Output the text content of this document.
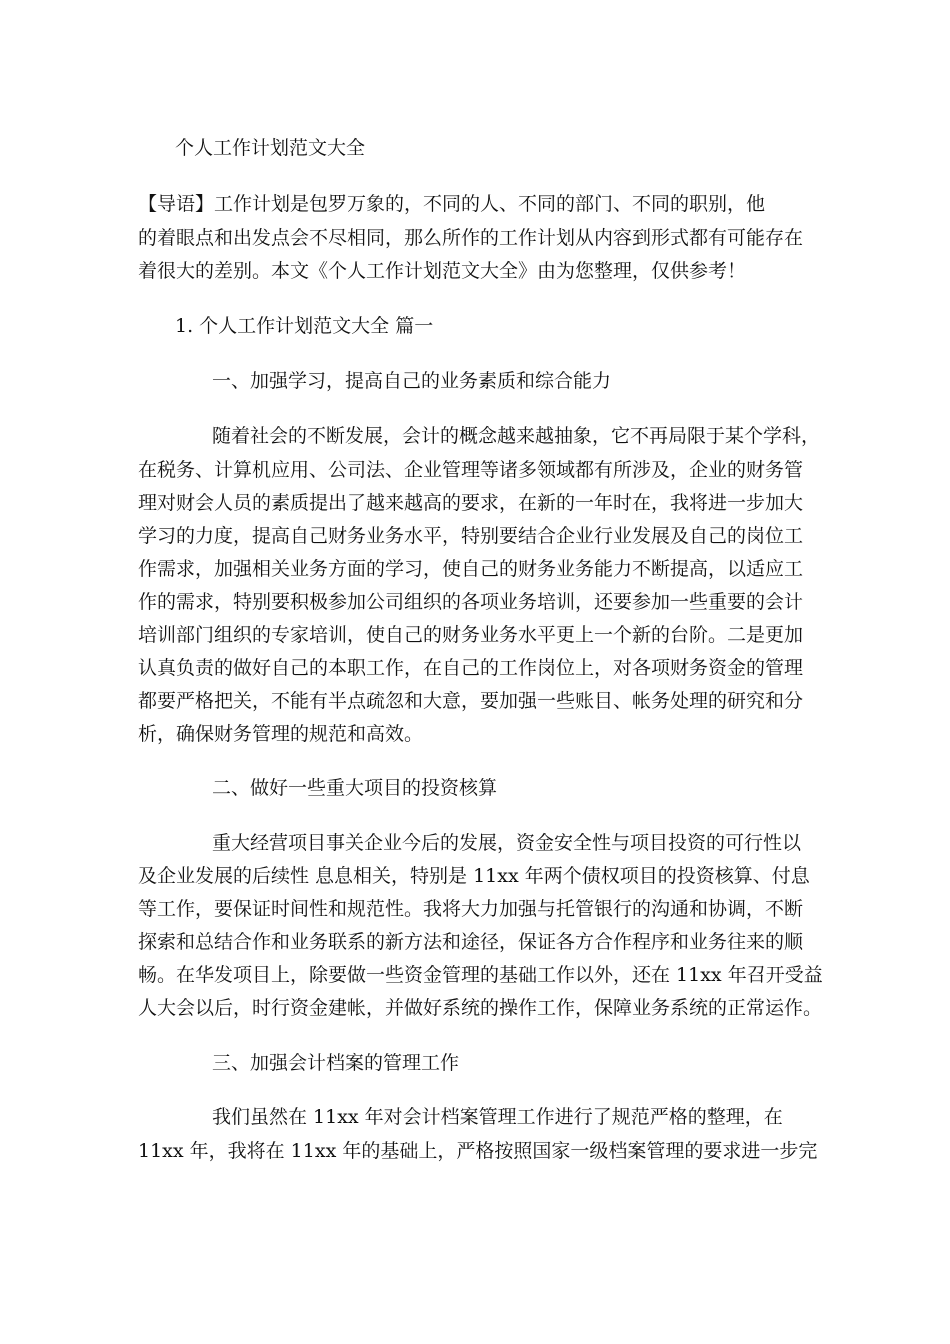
个人工作计划范文大全

【导语】工作计划是包罗万象的，不同的人、不同的部门、不同的职别，他

的着眼点和出发点会不尽相同，那么所作的工作计划从内容到形式都有可能存在

着很大的差别。本文《个人工作计划范文大全》由为您整理，仅供参考！

1. 个人工作计划范文大全 篇一

一、加强学习，提高自己的业务素质和综合能力

随着社会的不断发展，会计的概念越来越抽象，它不再局限于某个学科，

在税务、计算机应用、公司法、企业管理等诸多领域都有所涉及，企业的财务管

理对财会人员的素质提出了越来越高的要求，在新的一年时在，我将进一步加大

学习的力度，提高自己财务业务水平，特别要结合企业行业发展及自己的岗位工

作需求，加强相关业务方面的学习，使自己的财务业务能力不断提高，以适应工

作的需求，特别要积极参加公司组织的各项业务培训，还要参加一些重要的会计

培训部门组织的专家培训，使自己的财务业务水平更上一个新的台阶。二是更加

认真负责的做好自己的本职工作，在自己的工作岗位上，对各项财务资金的管理

都要严格把关，不能有半点疏忽和大意，要加强一些账目、帐务处理的研究和分

析，确保财务管理的规范和高效。

二、做好一些重大项目的投资核算

重大经营项目事关企业今后的发展，资金安全性与项目投资的可行性以

及企业发展的后续性 息息相关，特别是 11xx 年两个债权项目的投资核算、付息

等工作，要保证时间性和规范性。我将大力加强与托管银行的沟通和协调，不断

探索和总结合作和业务联系的新方法和途径，保证各方合作程序和业务往来的顺

畅。在华发项目上，除要做一些资金管理的基础工作以外，还在 11xx 年召开受益

人大会以后，时行资金建帐，并做好系统的操作工作，保障业务系统的正常运作。

三、加强会计档案的管理工作

我们虽然在 11xx 年对会计档案管理工作进行了规范严格的整理，在

11xx 年，我将在 11xx 年的基础上，严格按照国家一级档案管理的要求进一步完
